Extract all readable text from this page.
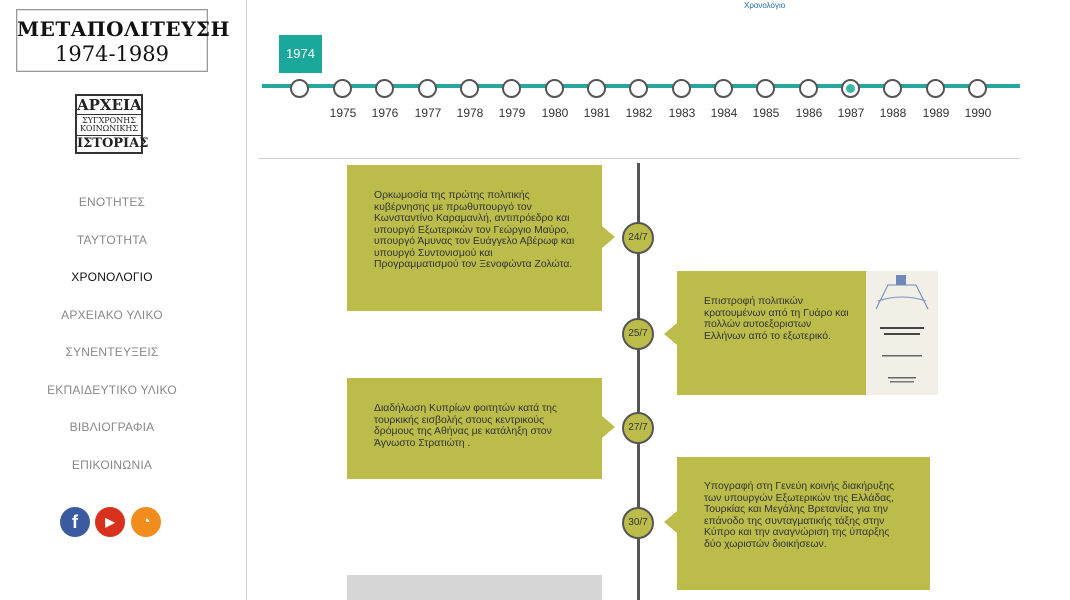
ΜΕΤΑΠΟΛΙΤΕΥΣΗ
1974-1989
ΑΡΧΕΙΑ
ΣΥΓΧΡΟΝΗΣ
ΚΟΙΝΩΝΙΚΗΣ
ΙΣΤΟΡΙΑΣ
ΕΝΟΤΗΤΕΣ
ΤΑΥΤΟΤΗΤΑ
ΧΡΟΝΟΛΟΓΙΟ
ΑΡΧΕΙΑΚΟ ΥΛΙΚΟ
ΣΥΝΕΝΤΕΥΞΕΙΣ
ΕΚΠΑΙΔΕΥΤΙΚΟ ΥΛΙΚΟ
ΒΙΒΛΙΟΓΡΑΦΙΑ
ΕΠΙΚΟΙΝΩΝΙΑ
f	▶	◔
Χρονολόγιο
1974
1975	1976	1977	1978	1979	1980	1981	1982	1983	1984	1985	1986	1987	1988	1989	1990
Ορκωμοσία της πρώτης πολιτικής κυβέρνησης με πρωθυπουργό τον Κωνσταντίνο Καραμανλή, αντιπρόεδρο και υπουργό Εξωτερικών τον Γεώργιο Μαύρο, υπουργό Άμυνας τον Ευάγγελο Αβέρωφ και υπουργό Συντονισμού και Προγραμματισμού τον Ξενοφώντα Ζολώτα.
24/7
Επιστροφή πολιτικών κρατουμένων από τη Γυάρο και πολλών αυτοεξοριστων Ελλήνων από το εξωτερικό.
25/7
Διαδήλωση Κυπρίων φοιτητών κατά της τουρκικής εισβολής στους κεντρικούς δρόμους της Αθήνας με κατάληξη στον Άγνωστο Στρατιώτη .
27/7
Υπογραφή στη Γενεύη κοινής διακήρυξης των υπουργών Εξωτερικών της Ελλάδας, Τουρκίας και Μεγάλης Βρετανίας για την επάνοδο της συνταγματικής τάξης στην Κύπρο και την αναγνώριση της ύπαρξης δύο χωριστών διοικήσεων.
30/7
